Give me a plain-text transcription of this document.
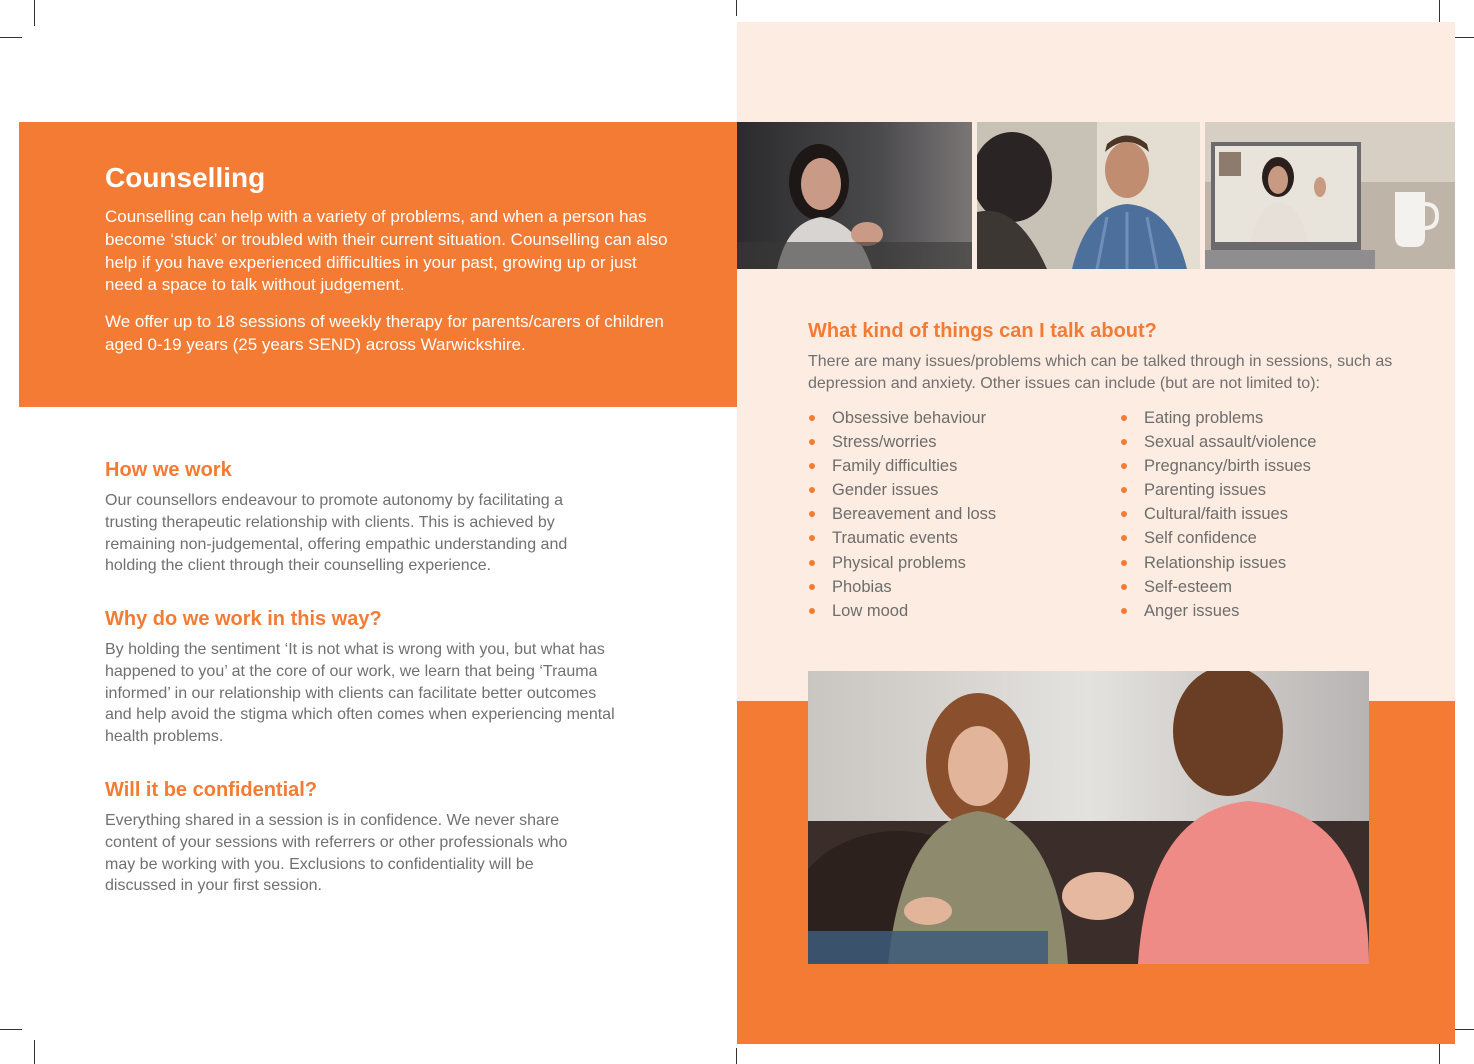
Counselling

Counselling can help with a variety of problems, and when a person has become ‘stuck’ or troubled with their current situation. Counselling can also help if you have experienced difficulties in your past, growing up or just need a space to talk without judgement.

We offer up to 18 sessions of weekly therapy for parents/carers of children aged 0-19 years (25 years SEND) across Warwickshire.

How we work

Our counsellors endeavour to promote autonomy by facilitating a trusting therapeutic relationship with clients. This is achieved by remaining non-judgemental, offering empathic understanding and holding the client through their counselling experience.

Why do we work in this way?

By holding the sentiment ‘It is not what is wrong with you, but what has happened to you’ at the core of our work, we learn that being ‘Trauma informed’ in our relationship with clients can facilitate better outcomes and help avoid the stigma which often comes when experiencing mental health problems.

Will it be confidential?

Everything shared in a session is in confidence. We never share content of your sessions with referrers or other professionals who may be working with you. Exclusions to confidentiality will be discussed in your first session.

What kind of things can I talk about?

There are many issues/problems which can be talked through in sessions, such as depression and anxiety. Other issues can include (but are not limited to):

Obsessive behaviour
Stress/worries
Family difficulties
Gender issues
Bereavement and loss
Traumatic events
Physical problems
Phobias
Low mood
Eating problems
Sexual assault/violence
Pregnancy/birth issues
Parenting issues
Cultural/faith issues
Self confidence
Relationship issues
Self-esteem
Anger issues
